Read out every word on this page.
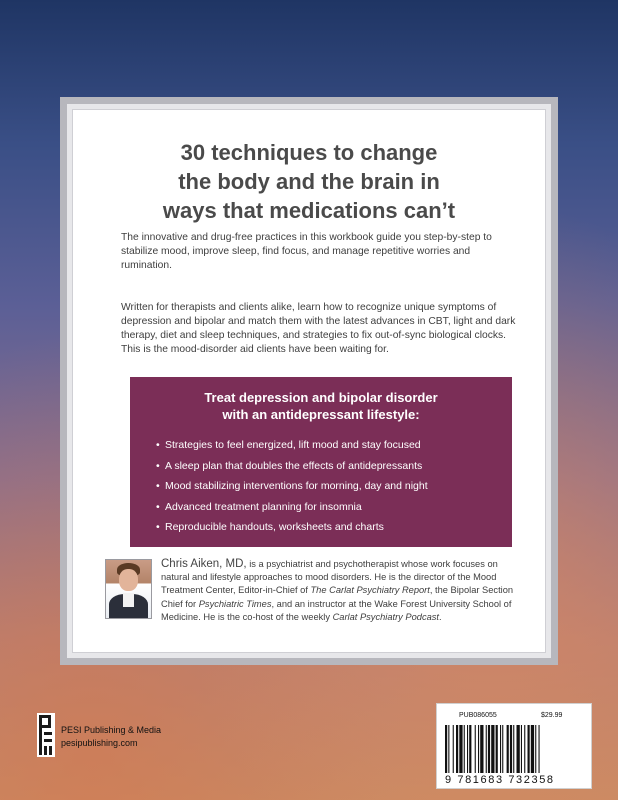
30 techniques to change
the body and the brain in
ways that medications can’t

The innovative and drug-free practices in this workbook guide you step-by-step to stabilize mood, improve sleep, find focus, and manage repetitive worries and rumination.

Written for therapists and clients alike, learn how to recognize unique symptoms of depression and bipolar and match them with the latest advances in CBT, light and dark therapy, diet and sleep techniques, and strategies to fix out-of-sync biological clocks. This is the mood-disorder aid clients have been waiting for.

Treat depression and bipolar disorder
with an antidepressant lifestyle:
• Strategies to feel energized, lift mood and stay focused
• A sleep plan that doubles the effects of antidepressants
• Mood stabilizing interventions for morning, day and night
• Advanced treatment planning for insomnia
• Reproducible handouts, worksheets and charts

Chris Aiken, MD, is a psychiatrist and psychotherapist whose work focuses on natural and lifestyle approaches to mood disorders. He is the director of the Mood Treatment Center, Editor-in-Chief of The Carlat Psychiatry Report, the Bipolar Section Chief for Psychiatric Times, and an instructor at the Wake Forest University School of Medicine. He is the co-host of the weekly Carlat Psychiatry Podcast.

PESI Publishing & Media
pesipublishing.com
PUB086055	$29.99
9 781683 732358
